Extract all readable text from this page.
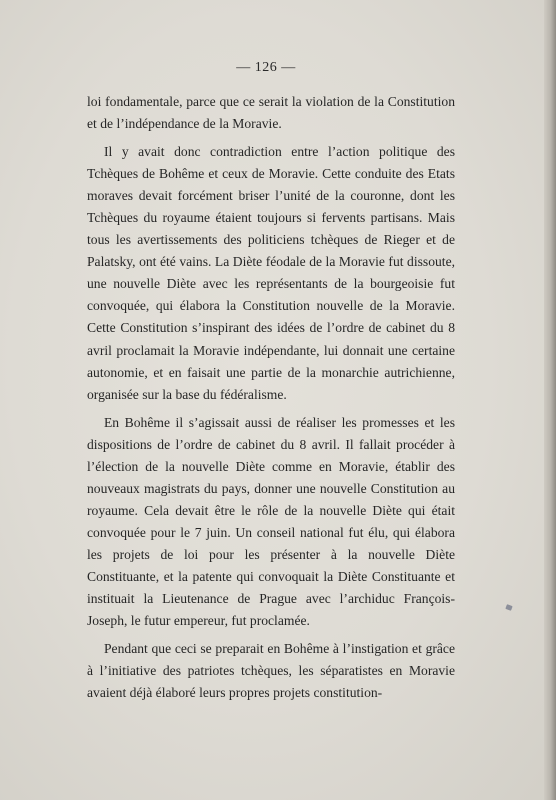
— 126 —

loi fondamentale, parce que ce serait la violation de la Constitution et de l’indépendance de la Moravie.

Il y avait donc contradiction entre l’action politique des Tchèques de Bohême et ceux de Moravie. Cette conduite des Etats moraves devait forcément briser l’unité de la couronne, dont les Tchèques du royaume étaient toujours si fervents partisans. Mais tous les avertissements des politiciens tchèques de Rieger et de Palatsky, ont été vains. La Diète féodale de la Moravie fut dissoute, une nouvelle Diète avec les représentants de la bourgeoisie fut convoquée, qui élabora la Constitution nouvelle de la Moravie. Cette Constitution s’inspirant des idées de l’ordre de cabinet du 8 avril proclamait la Moravie indépendante, lui donnait une certaine autonomie, et en faisait une partie de la monarchie autrichienne, organisée sur la base du fédéralisme.

En Bohême il s’agissait aussi de réaliser les promesses et les dispositions de l’ordre de cabinet du 8 avril. Il fallait procéder à l’élection de la nouvelle Diète comme en Moravie, établir des nouveaux magistrats du pays, donner une nouvelle Constitution au royaume. Cela devait être le rôle de la nouvelle Diète qui était convoquée pour le 7 juin. Un conseil national fut élu, qui élabora les projets de loi pour les présenter à la nouvelle Diète Constituante, et la patente qui convoquait la Diète Constituante et instituait la Lieutenance de Prague avec l’archiduc François-Joseph, le futur empereur, fut proclamée.

Pendant que ceci se preparait en Bohême à l’instigation et grâce à l’initiative des patriotes tchèques, les séparatistes en Moravie avaient déjà élaboré leurs propres projets constitution-
